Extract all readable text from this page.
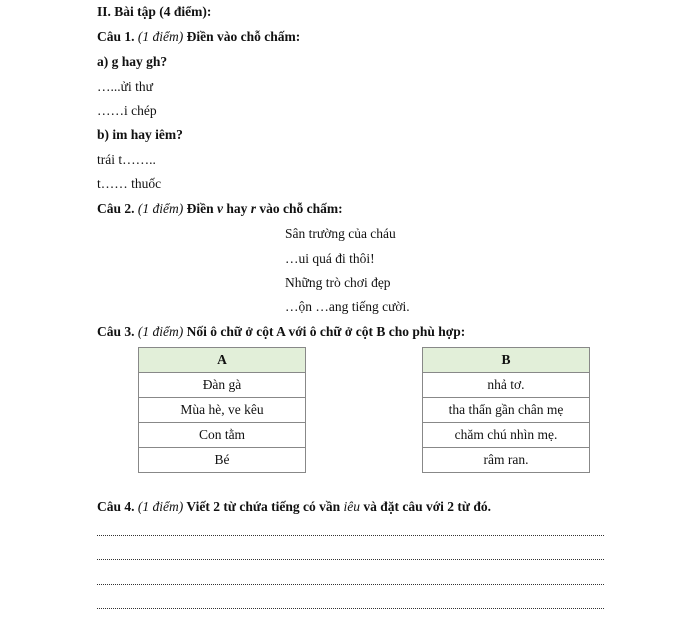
II. Bài tập (4 điểm):
Câu 1. (1 điểm) Điền vào chỗ chấm:
a) g hay gh?
…...ửi thư
……i chép
b) im hay iêm?
trái t……..
t…… thuốc
Câu 2. (1 điểm) Điền v hay r vào chỗ chấm:
Sân trường của cháu
…ui quá đi thôi!
Những trò chơi đẹp
…ộn …ang tiếng cười.
Câu 3. (1 điểm) Nối ô chữ ở cột A với ô chữ ở cột B cho phù hợp:
A
Đàn gà
Mùa hè, ve kêu
Con tằm
Bé
B
nhả tơ.
tha thẩn gần chân mẹ
chăm chú nhìn mẹ.
râm ran.
Câu 4. (1 điểm) Viết 2 từ chứa tiếng có vần iêu và đặt câu với 2 từ đó.
